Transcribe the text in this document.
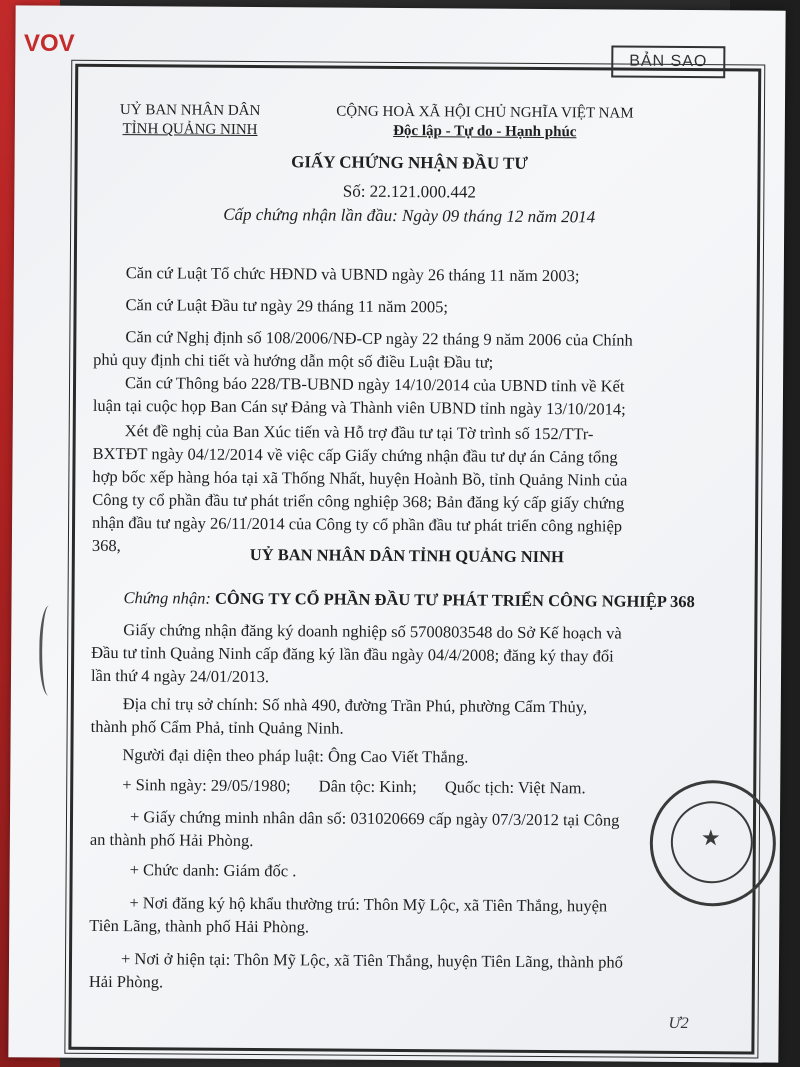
BẢN SAO
UỶ BAN NHÂN DÂN
TỈNH QUẢNG NINH
CỘNG HOÀ XÃ HỘI CHỦ NGHĨA VIỆT NAM
Độc lập - Tự do - Hạnh phúc
GIẤY CHỨNG NHẬN ĐẦU TƯ
Số: 22.121.000.442
Cấp chứng nhận lần đầu: Ngày 09 tháng 12 năm 2014
Căn cứ Luật Tổ chức HĐND và UBND ngày 26 tháng 11 năm 2003;
Căn cứ Luật Đầu tư ngày 29 tháng 11 năm 2005;
Căn cứ Nghị định số 108/2006/NĐ-CP ngày 22 tháng 9 năm 2006 của Chính
phủ quy định chi tiết và hướng dẫn một số điều Luật Đầu tư;
Căn cứ Thông báo 228/TB-UBND ngày 14/10/2014 của UBND tỉnh về Kết
luận tại cuộc họp Ban Cán sự Đảng và Thành viên UBND tỉnh ngày 13/10/2014;
Xét đề nghị của Ban Xúc tiến và Hỗ trợ đầu tư tại Tờ trình số 152/TTr-
BXTĐT ngày 04/12/2014 về việc cấp Giấy chứng nhận đầu tư dự án Cảng tổng
hợp bốc xếp hàng hóa tại xã Thống Nhất, huyện Hoành Bồ, tỉnh Quảng Ninh của
Công ty cổ phần đầu tư phát triển công nghiệp 368; Bản đăng ký cấp giấy chứng
nhận đầu tư ngày 26/11/2014 của Công ty cổ phần đầu tư phát triển công nghiệp
368,	UỶ BAN NHÂN DÂN TỈNH QUẢNG NINH
Chứng nhận: CÔNG TY CỔ PHẦN ĐẦU TƯ PHÁT TRIỂN CÔNG NGHIỆP 368
Giấy chứng nhận đăng ký doanh nghiệp số 5700803548 do Sở Kế hoạch và
Đầu tư tỉnh Quảng Ninh cấp đăng ký lần đầu ngày 04/4/2008; đăng ký thay đổi
lần thứ 4 ngày 24/01/2013.
Địa chỉ trụ sở chính: Số nhà 490, đường Trần Phú, phường Cẩm Thủy,
thành phố Cẩm Phả, tỉnh Quảng Ninh.
Người đại diện theo pháp luật: Ông Cao Viết Thắng.
+ Sinh ngày: 29/05/1980; Dân tộc: Kinh; Quốc tịch: Việt Nam.
+ Giấy chứng minh nhân dân số: 031020669 cấp ngày 07/3/2012 tại Công
an thành phố Hải Phòng.
+ Chức danh: Giám đốc .
+ Nơi đăng ký hộ khẩu thường trú: Thôn Mỹ Lộc, xã Tiên Thắng, huyện
Tiên Lãng, thành phố Hải Phòng.
+ Nơi ở hiện tại: Thôn Mỹ Lộc, xã Tiên Thắng, huyện Tiên Lãng, thành phố
Hải Phòng.
★
Ư2
VOV
